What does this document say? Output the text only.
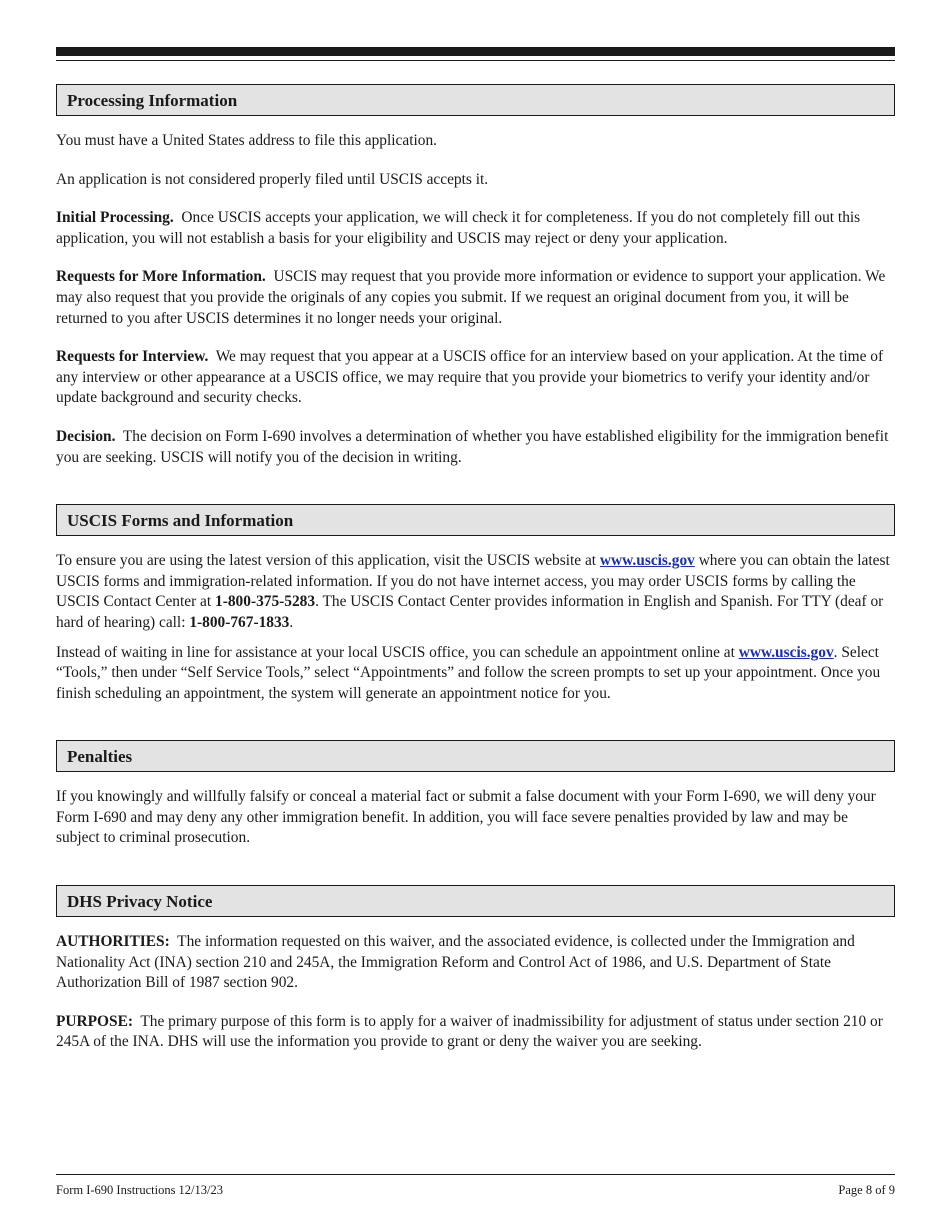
Processing Information

You must have a United States address to file this application.

An application is not considered properly filed until USCIS accepts it.

Initial Processing. Once USCIS accepts your application, we will check it for completeness. If you do not completely fill out this application, you will not establish a basis for your eligibility and USCIS may reject or deny your application.

Requests for More Information. USCIS may request that you provide more information or evidence to support your application. We may also request that you provide the originals of any copies you submit. If we request an original document from you, it will be returned to you after USCIS determines it no longer needs your original.

Requests for Interview. We may request that you appear at a USCIS office for an interview based on your application. At the time of any interview or other appearance at a USCIS office, we may require that you provide your biometrics to verify your identity and/or update background and security checks.

Decision. The decision on Form I-690 involves a determination of whether you have established eligibility for the immigration benefit you are seeking. USCIS will notify you of the decision in writing.

USCIS Forms and Information

To ensure you are using the latest version of this application, visit the USCIS website at www.uscis.gov where you can obtain the latest USCIS forms and immigration-related information. If you do not have internet access, you may order USCIS forms by calling the USCIS Contact Center at 1-800-375-5283. The USCIS Contact Center provides information in English and Spanish. For TTY (deaf or hard of hearing) call: 1-800-767-1833.

Instead of waiting in line for assistance at your local USCIS office, you can schedule an appointment online at www.uscis.gov. Select “Tools,” then under “Self Service Tools,” select “Appointments” and follow the screen prompts to set up your appointment. Once you finish scheduling an appointment, the system will generate an appointment notice for you.

Penalties

If you knowingly and willfully falsify or conceal a material fact or submit a false document with your Form I-690, we will deny your Form I-690 and may deny any other immigration benefit. In addition, you will face severe penalties provided by law and may be subject to criminal prosecution.

DHS Privacy Notice

AUTHORITIES: The information requested on this waiver, and the associated evidence, is collected under the Immigration and Nationality Act (INA) section 210 and 245A, the Immigration Reform and Control Act of 1986, and U.S. Department of State Authorization Bill of 1987 section 902.

PURPOSE: The primary purpose of this form is to apply for a waiver of inadmissibility for adjustment of status under section 210 or 245A of the INA. DHS will use the information you provide to grant or deny the waiver you are seeking.

Form I-690 Instructions 12/13/23	Page 8 of 9
